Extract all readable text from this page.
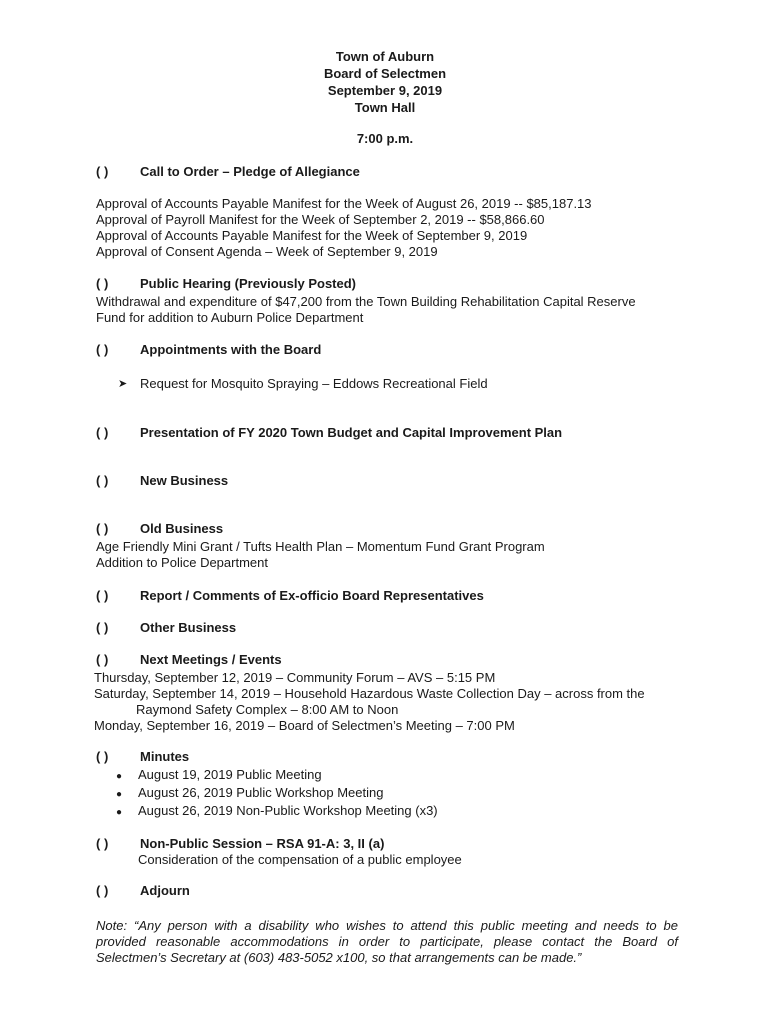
Town of Auburn
Board of Selectmen
September 9, 2019
Town Hall
7:00 p.m.
( )	Call to Order – Pledge of Allegiance
Approval of Accounts Payable Manifest for the Week of August 26, 2019 -- $85,187.13
Approval of Payroll Manifest for the Week of September 2, 2019 -- $58,866.60
Approval of Accounts Payable Manifest for the Week of September 9, 2019
Approval of Consent Agenda – Week of September 9, 2019
( )	Public Hearing (Previously Posted)
Withdrawal and expenditure of $47,200 from the Town Building Rehabilitation Capital Reserve
Fund for addition to Auburn Police Department
( )	Appointments with the Board
➤ Request for Mosquito Spraying – Eddows Recreational Field
( )	Presentation of FY 2020 Town Budget and Capital Improvement Plan
( )	New Business
( )	Old Business
Age Friendly Mini Grant / Tufts Health Plan – Momentum Fund Grant Program
Addition to Police Department
( )	Report / Comments of Ex-officio Board Representatives
( )	Other Business
( )	Next Meetings / Events
Thursday, September 12, 2019 – Community Forum – AVS – 5:15 PM
Saturday, September 14, 2019 – Household Hazardous Waste Collection Day – across from the
Raymond Safety Complex – 8:00 AM to Noon
Monday, September 16, 2019 – Board of Selectmen’s Meeting – 7:00 PM
( )	Minutes
●	August 19, 2019 Public Meeting
●	August 26, 2019 Public Workshop Meeting
●	August 26, 2019 Non-Public Workshop Meeting (x3)
( )	Non-Public Session – RSA 91-A: 3, II (a)
Consideration of the compensation of a public employee
( )	Adjourn
Note: “Any person with a disability who wishes to attend this public meeting and needs to be provided reasonable accommodations in order to participate, please contact the Board of Selectmen’s Secretary at (603) 483-5052 x100, so that arrangements can be made.”
